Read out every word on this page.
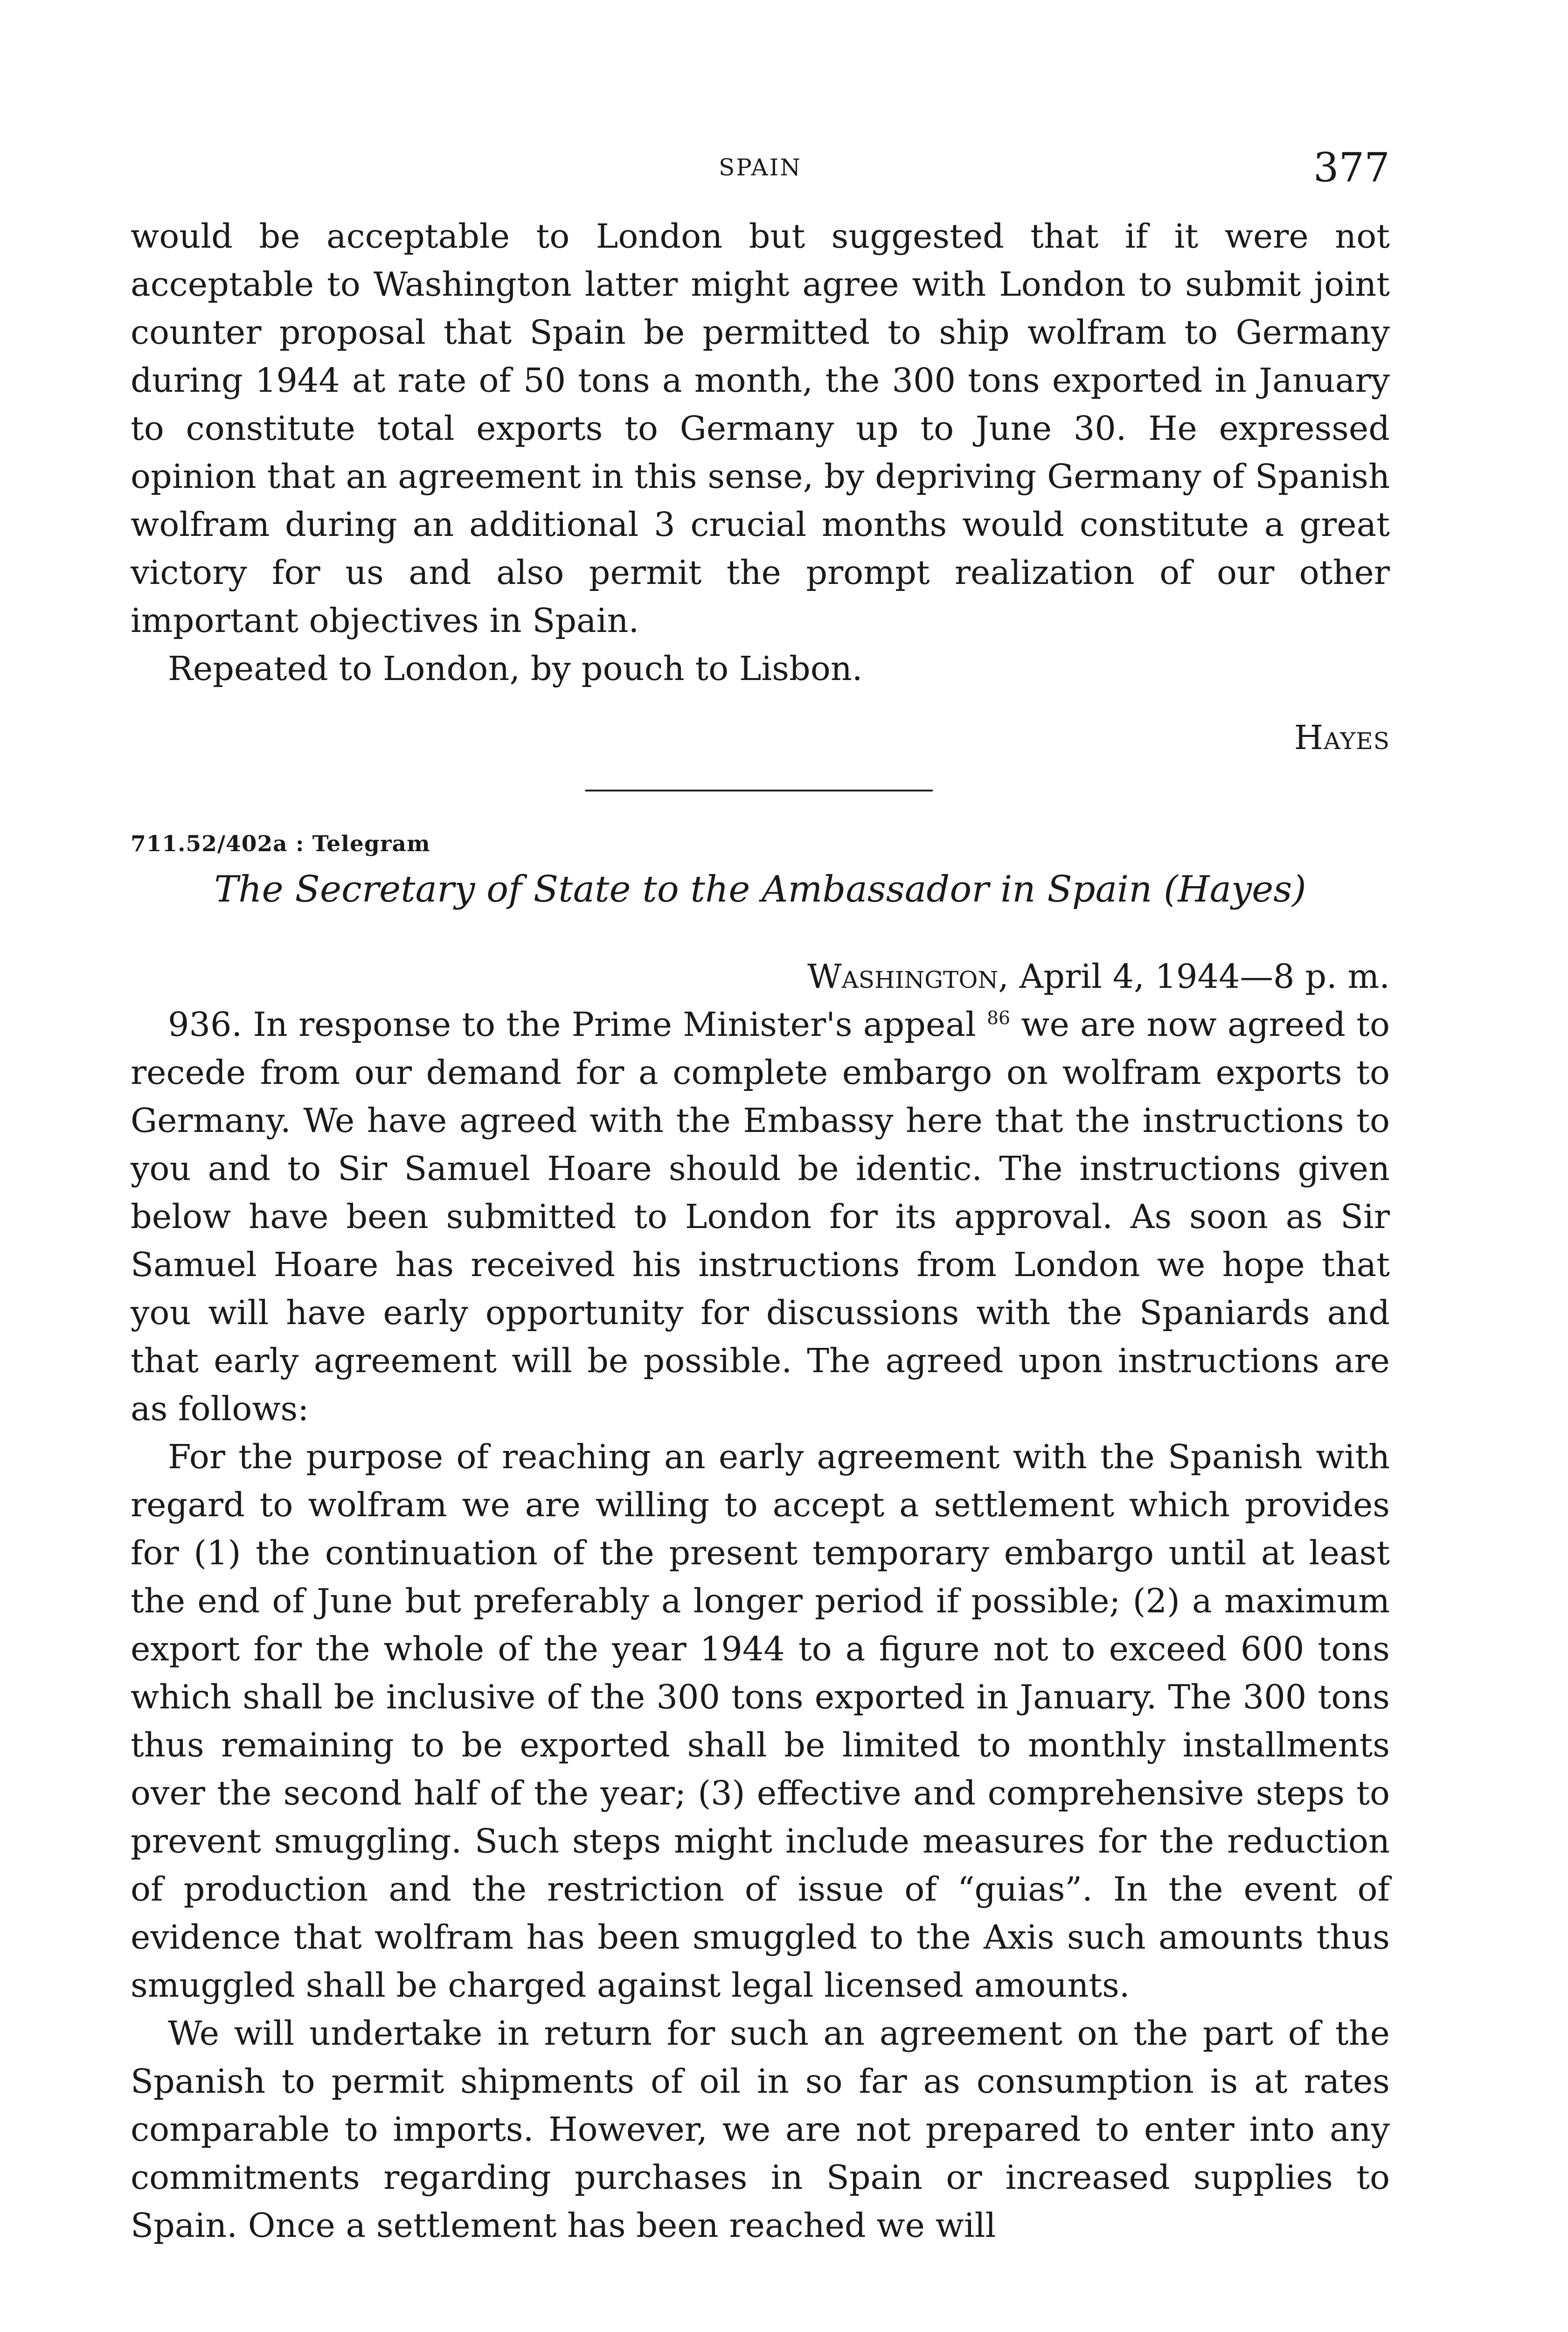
SPAIN	377

would be acceptable to London but suggested that if it were not acceptable to Washington latter might agree with London to submit joint counter proposal that Spain be permitted to ship wolfram to Germany during 1944 at rate of 50 tons a month, the 300 tons exported in January to constitute total exports to Germany up to June 30. He expressed opinion that an agreement in this sense, by depriving Germany of Spanish wolfram during an additional 3 crucial months would constitute a great victory for us and also permit the prompt realization of our other important objectives in Spain.

Repeated to London, by pouch to Lisbon.

Hayes
711.52/402a : Telegram
The Secretary of State to the Ambassador in Spain (Hayes)
Washington, April 4, 1944—8 p. m.

936. In response to the Prime Minister's appeal $^{86}$ we are now agreed to recede from our demand for a complete embargo on wolfram exports to Germany. We have agreed with the Embassy here that the instructions to you and to Sir Samuel Hoare should be identic. The instructions given below have been submitted to London for its approval. As soon as Sir Samuel Hoare has received his instructions from London we hope that you will have early opportunity for discussions with the Spaniards and that early agreement will be possible. The agreed upon instructions are as follows:

For the purpose of reaching an early agreement with the Spanish with regard to wolfram we are willing to accept a settlement which provides for (1) the continuation of the present temporary embargo until at least the end of June but preferably a longer period if possible; (2) a maximum export for the whole of the year 1944 to a figure not to exceed 600 tons which shall be inclusive of the 300 tons exported in January. The 300 tons thus remaining to be exported shall be limited to monthly installments over the second half of the year; (3) effective and comprehensive steps to prevent smuggling. Such steps might include measures for the reduction of production and the restriction of issue of “guias”. In the event of evidence that wolfram has been smuggled to the Axis such amounts thus smuggled shall be charged against legal licensed amounts.

We will undertake in return for such an agreement on the part of the Spanish to permit shipments of oil in so far as consumption is at rates comparable to imports. However, we are not prepared to enter into any commitments regarding purchases in Spain or increased supplies to Spain. Once a settlement has been reached we will
